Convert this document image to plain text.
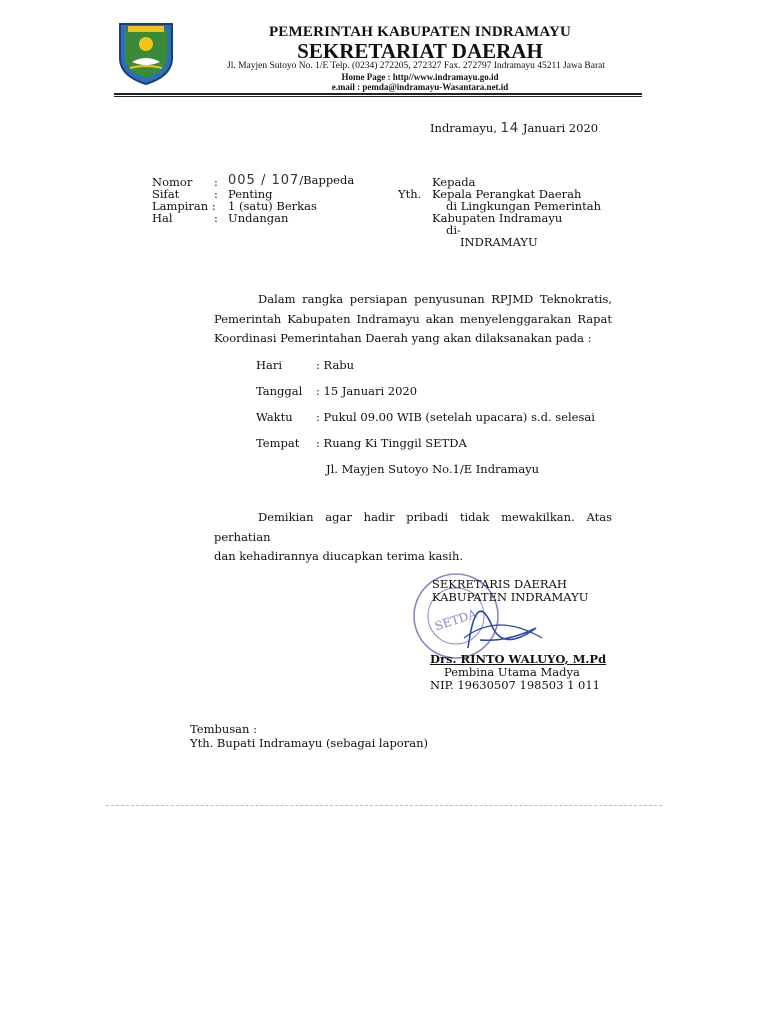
PEMERINTAH KABUPATEN INDRAMAYU
SEKRETARIAT DAERAH
Jl. Mayjen Sutoyo No. 1/E Telp. (0234) 272205, 272327 Fax. 272797 Indramayu 45211 Jawa Barat
Home Page : http//www.indramayu.go.id
e.mail : pemda@indramayu-Wasantara.net.id
Indramayu, 14 Januari 2020
Nomor : 005 / 107/Bappeda
Sifat	: Penting
Lampiran : 1 (satu) Berkas
Hal	: Undangan
Kepada
Yth. Kepala Perangkat Daerah
di Lingkungan Pemerintah
Kabupaten Indramayu
di-
INDRAMAYU
Dalam rangka persiapan penyusunan RPJMD Teknokratis,
Pemerintah Kabupaten Indramayu akan menyelenggarakan Rapat
Koordinasi Pemerintahan Daerah yang akan dilaksanakan pada :
Hari	: Rabu
Tanggal : 15 Januari 2020
Waktu : Pukul 09.00 WIB (setelah upacara) s.d. selesai
Tempat : Ruang Ki Tinggil SETDA
Jl. Mayjen Sutoyo No.1/E Indramayu
Demikian agar hadir pribadi tidak mewakilkan. Atas perhatian
dan kehadirannya diucapkan terima kasih.
SETDA
SEKRETARIS DAERAH
KABUPATEN INDRAMAYU
Drs. RINTO WALUYO, M.Pd
Pembina Utama Madya
NIP. 19630507 198503 1 011
Tembusan :
Yth. Bupati Indramayu (sebagai laporan)
